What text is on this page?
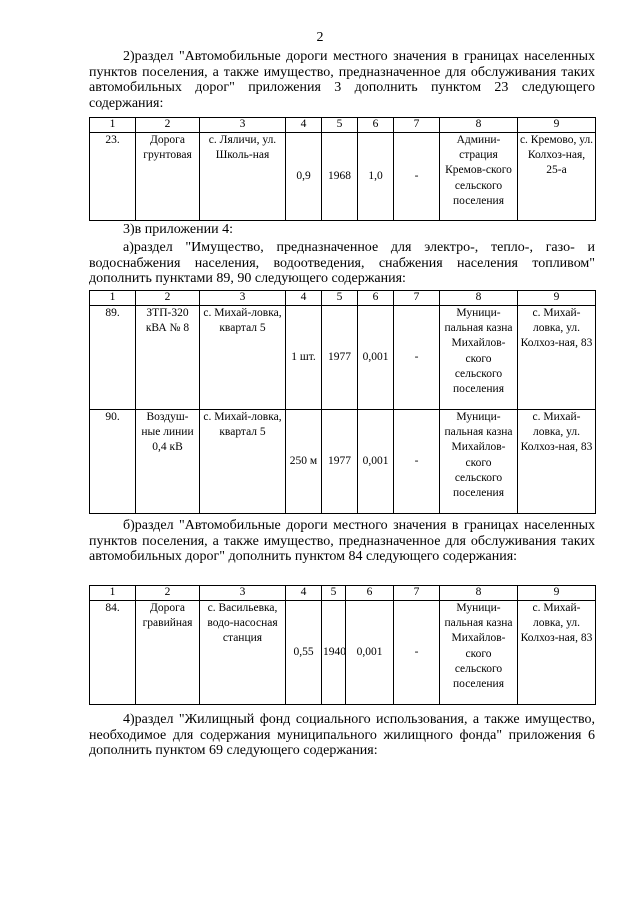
2
2)раздел "Автомобильные дороги местного значения в границах населенных пунктов поселения, а также имущество, предназначенное для обслуживания таких автомобильных дорог" приложения 3 дополнить пунктом 23 следующего содержания:
1	2	3	4	5	6	7	8	9
23.	Дорога грунтовая	с. Ляличи, ул. Школь-ная	0,9	1968	1,0	-	Админи-страция Кремов-ского сельского поселения	с. Кремово, ул. Колхоз-ная, 25-а
3)в приложении 4:
а)раздел "Имущество, предназначенное для электро-, тепло-, газо- и водоснабжения населения, водоотведения, снабжения населения топливом" дополнить пунктами 89, 90 следующего содержания:
1	2	3	4	5	6	7	8	9
89.	ЗТП-320 кВА № 8	с. Михай-ловка, квартал 5	1 шт.	1977	0,001	-	Муници-пальная казна Михайлов-ского сельского поселения	с. Михай-ловка, ул. Колхоз-ная, 83
90.	Воздуш-ные линии 0,4 кВ	с. Михай-ловка, квартал 5	250 м	1977	0,001	-	Муници-пальная казна Михайлов-ского сельского поселения	с. Михай-ловка, ул. Колхоз-ная, 83
б)раздел "Автомобильные дороги местного значения в границах населенных пунктов поселения, а также имущество, предназначенное для обслуживания таких автомобильных дорог" дополнить пунктом 84 следующего содержания:
1	2	3	4	5	6	7	8	9
84.	Дорога гравийная	с. Васильевка, водо-насосная станция	0,55	1940	0,001	-	Муници-пальная казна Михайлов-ского сельского поселения	с. Михай-ловка, ул. Колхоз-ная, 83
4)раздел "Жилищный фонд социального использования, а также имущество, необходимое для содержания муниципального жилищного фонда" приложения 6 дополнить пунктом 69 следующего содержания:
